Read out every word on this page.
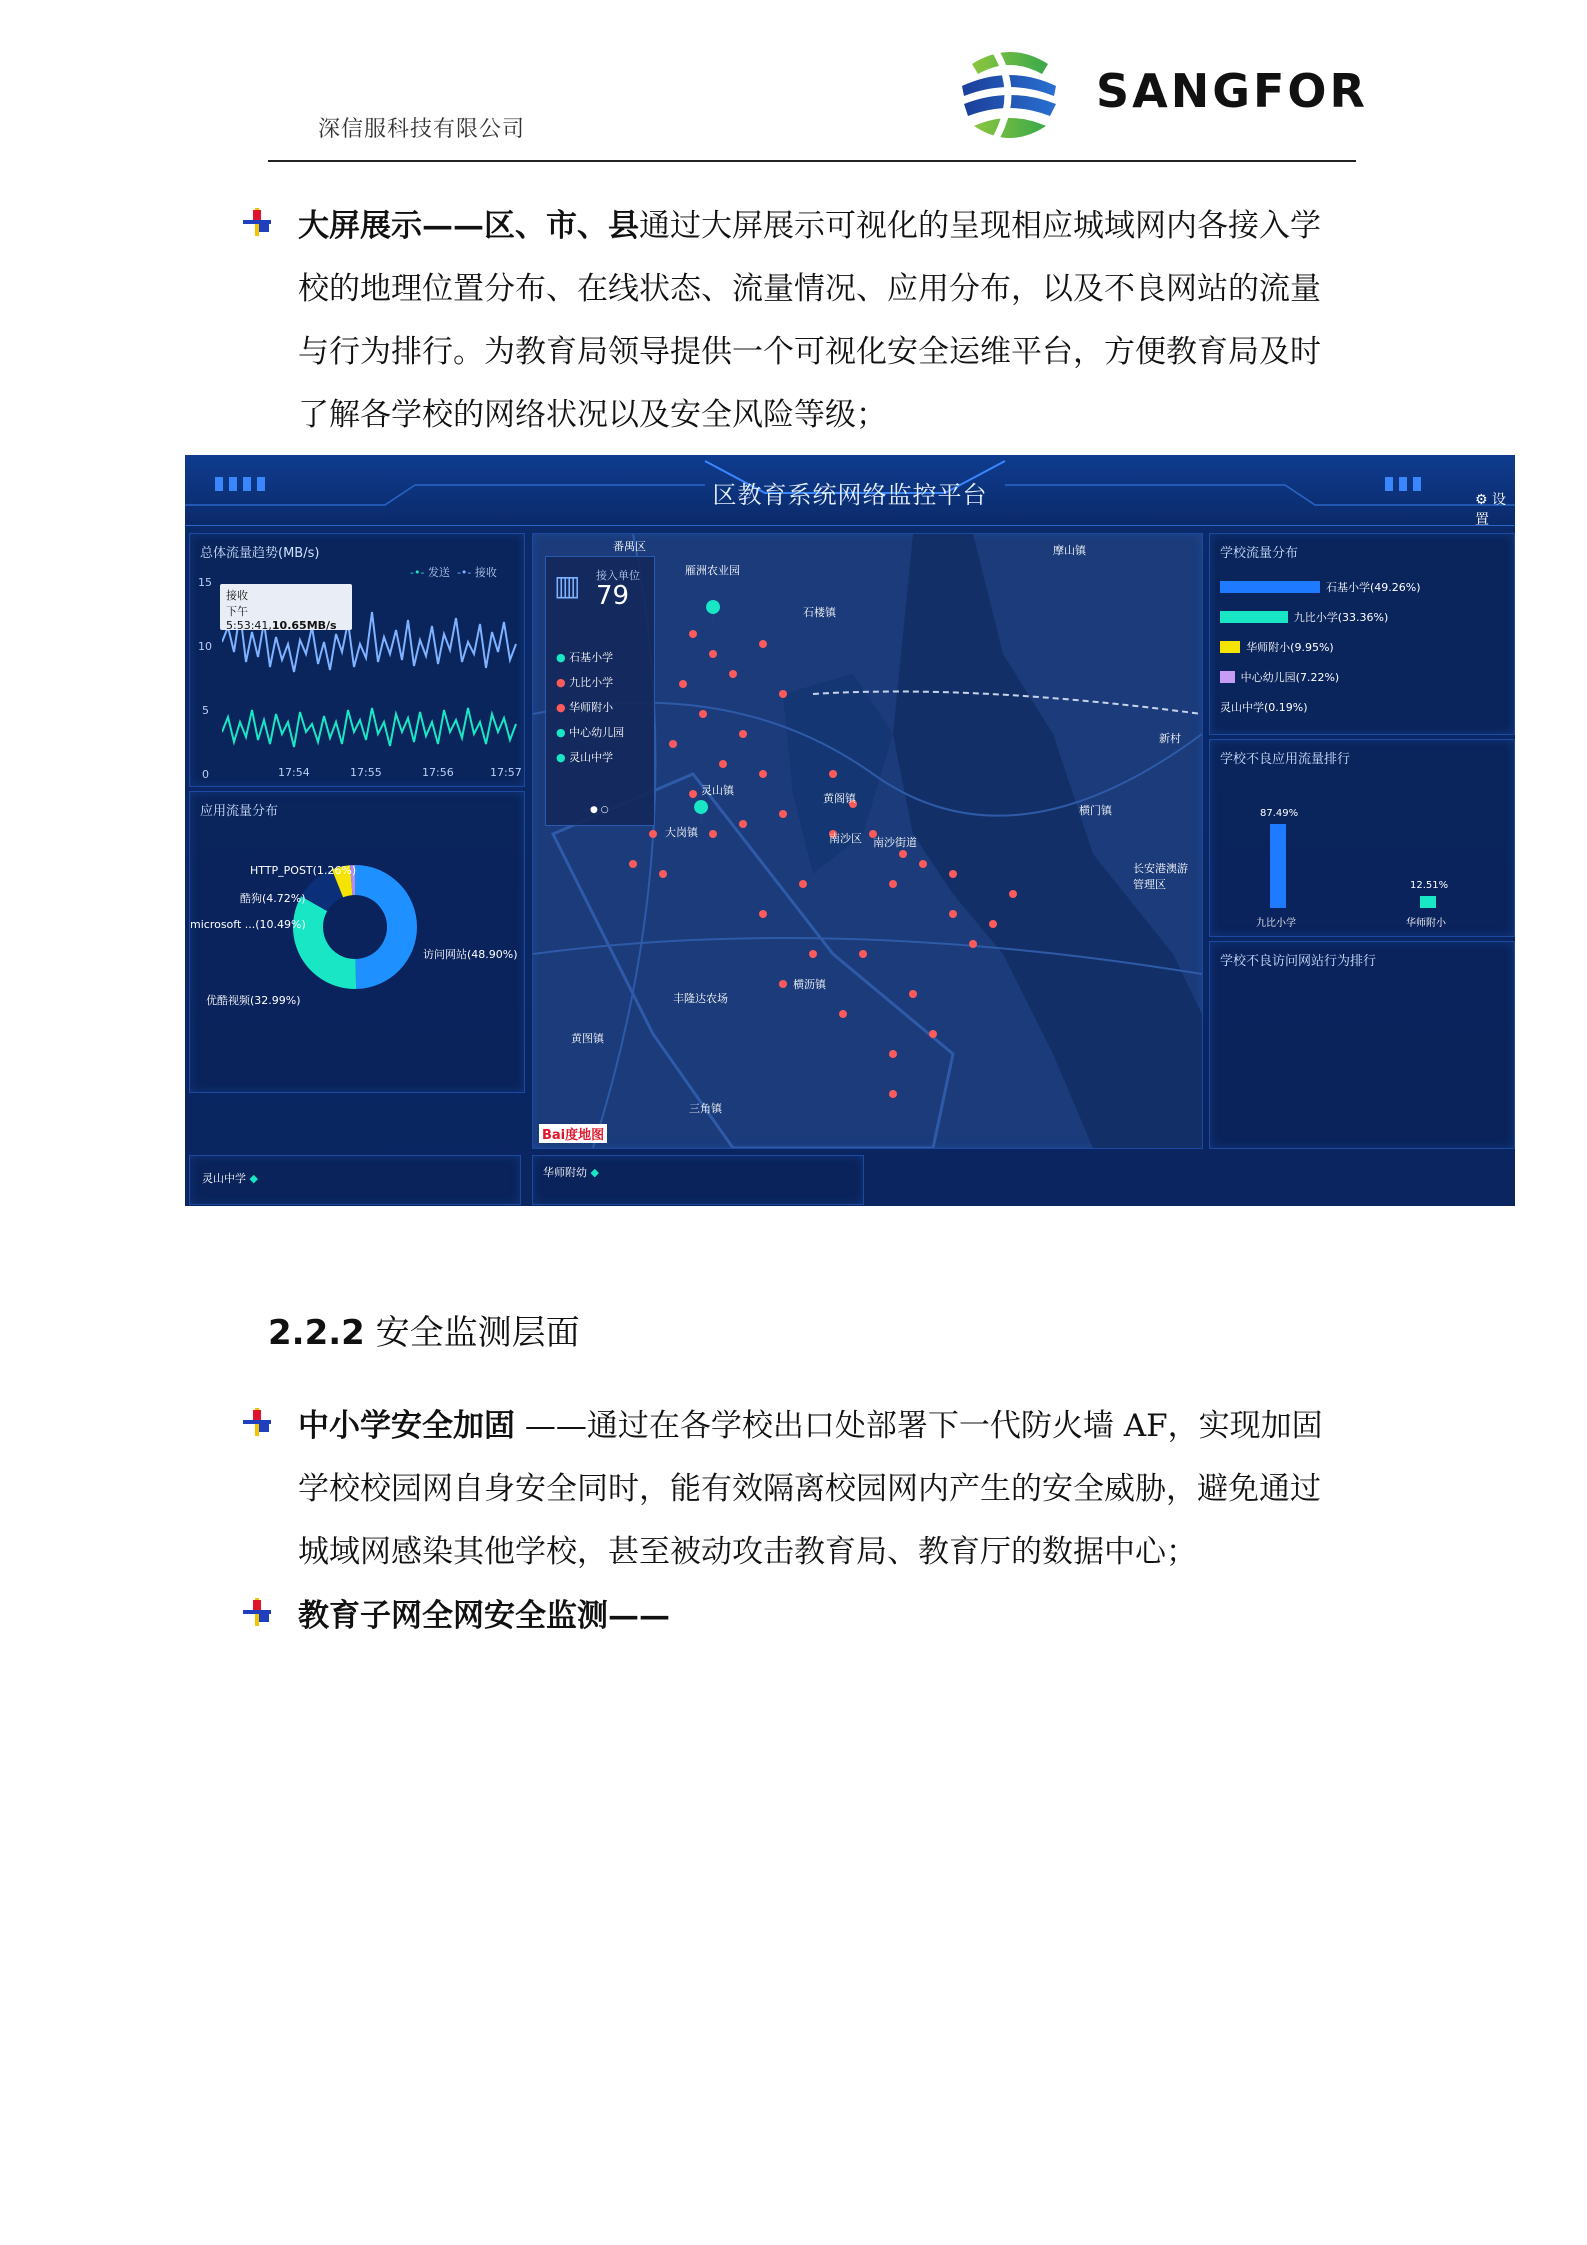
深信服科技有限公司
SANGFOR
大屏展示——区、市、县通过大屏展示可视化的呈现相应城域网内各接入学
校的地理位置分布、在线状态、流量情况、应用分布，以及不良网站的流量
与行为排行。为教育局领导提供一个可视化安全运维平台，方便教育局及时
了解各学校的网络状况以及安全风险等级；
区教育系统网络监控平台	⚙ 设置
总体流量趋势(MB/s)
-•- 发送 -•- 接收
15
10
5
0
接收
下午5:53:41,10.65MB/s
17:54	17:55	17:56	17:57
应用流量分布
访问网站(48.90%)
优酷视频(32.99%)
microsoft ...(10.49%)
酷狗(4.72%)
HTTP_POST(1.26%)
灵山中学 ◆	华师附幼 ◆
▥ 接入单位
79
● 石基小学
● 九比小学
● 华师附小
● 中心幼儿园
● 灵山中学
● ○
番禺区
雁洲农业园
摩山镇
石楼镇
灵山镇
大岗镇	南沙区 南沙街道
黄阁镇
横沥镇
丰隆达农场
黄图镇
三角镇
新村
横门镇
长安港澳游管理区
Bai度地图
学校流量分布
石基小学(49.26%)
九比小学(33.36%)
华师附小(9.95%)
中心幼儿园(7.22%)
灵山中学(0.19%)
学校不良应用流量排行
87.49%
九比小学
12.51%
华师附小
学校不良访问网站行为排行
2.2.2 安全监测层面
中小学安全加固 ——通过在各学校出口处部署下一代防火墙 AF，实现加固
学校校园网自身安全同时，能有效隔离校园网内产生的安全威胁，避免通过
城域网感染其他学校，甚至被动攻击教育局、教育厅的数据中心；
教育子网全网安全监测——
